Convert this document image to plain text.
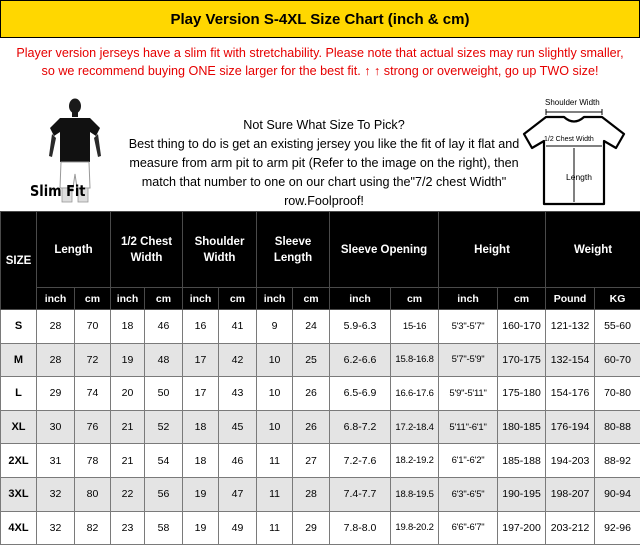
Play Version S-4XL Size Chart (inch & cm)
Player version jerseys have a slim fit with stretchability. Please note that actual sizes may run slightly smaller, so we recommend buying ONE size larger for the best fit. ↑ ↑ strong or overweight, go up TWO size!
Slim Fit
Not Sure What Size To Pick?
Best thing to do is get an existing jersey you like the fit of lay it flat and measure from arm pit to arm pit (Refer to the image on the right), then match that number to one on our chart using the"7/2 chest Width" row.Foolproof!
Shoulder Width
1/2 Chest Width
Length
SIZE	Length		1/2 Chest Width		Shoulder Width		Sleeve Length		Sleeve Opening		Height		Weight	
	inch	cm	inch	cm	inch	cm	inch	cm	inch	cm	inch	cm	Pound	KG
S	28	70	18	46	16	41	9	24	5.9-6.3	15-16	5'3"-5'7"	160-170	121-132	55-60
M	28	72	19	48	17	42	10	25	6.2-6.6	15.8-16.8	5'7"-5'9"	170-175	132-154	60-70
L	29	74	20	50	17	43	10	26	6.5-6.9	16.6-17.6	5'9"-5'11"	175-180	154-176	70-80
XL	30	76	21	52	18	45	10	26	6.8-7.2	17.2-18.4	5'11"-6'1"	180-185	176-194	80-88
2XL	31	78	21	54	18	46	11	27	7.2-7.6	18.2-19.2	6'1"-6'2"	185-188	194-203	88-92
3XL	32	80	22	56	19	47	11	28	7.4-7.7	18.8-19.5	6'3"-6'5"	190-195	198-207	90-94
4XL	32	82	23	58	19	49	11	29	7.8-8.0	19.8-20.2	6'6"-6'7"	197-200	203-212	92-96
